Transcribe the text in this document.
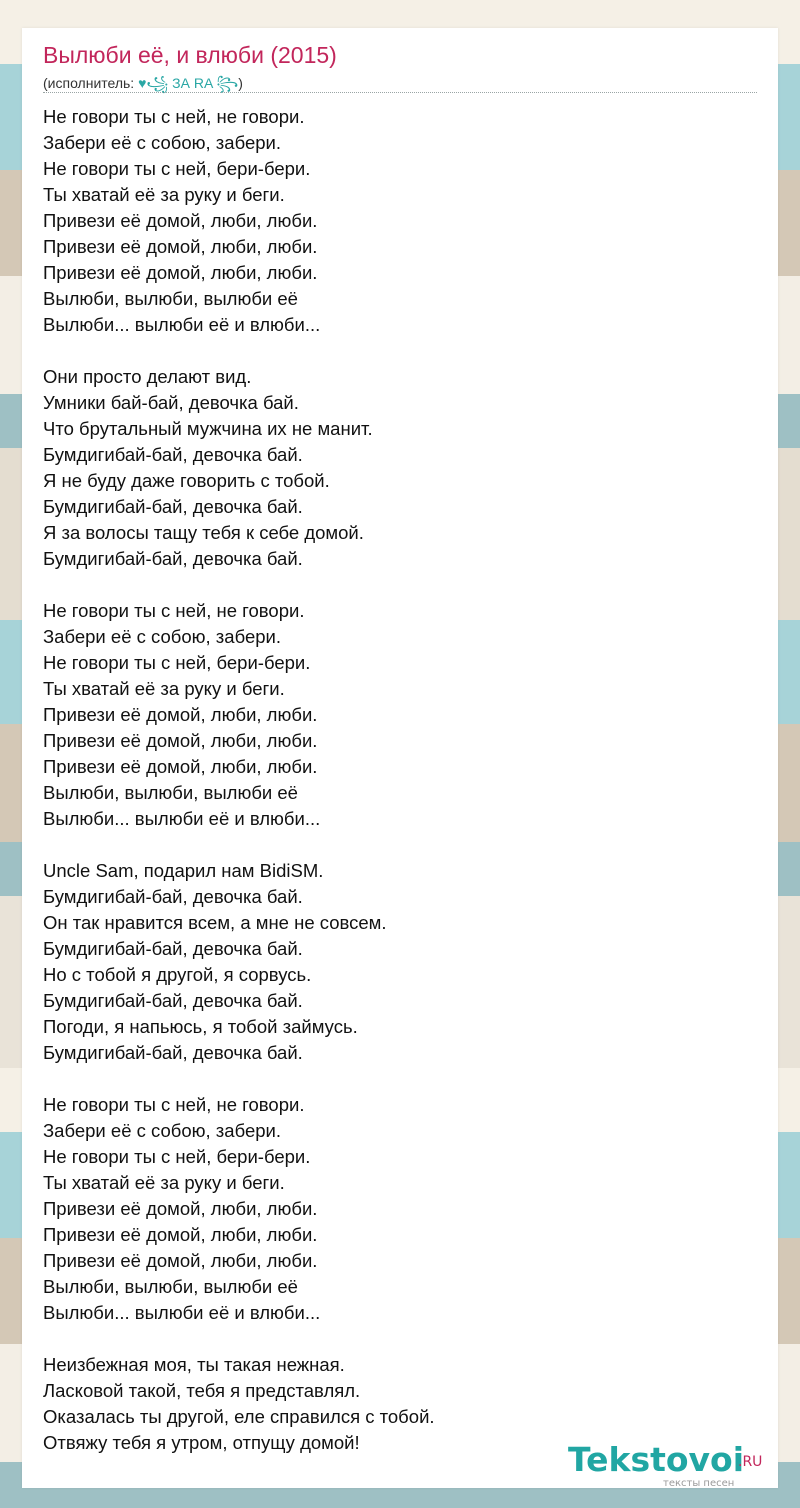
Вылюби её, и влюби (2015)
(исполнитель: ♥꧁ ЗА RA ꧂)
Не говори ты с ней, не говори.
Забери её с собою, забери.
Не говори ты с ней, бери-бери.
Ты хватай её за руку и беги.
Привези её домой, люби, люби.
Привези её домой, люби, люби.
Привези её домой, люби, люби.
Вылюби, вылюби, вылюби её
Вылюби... вылюби её и влюби...
Они просто делают вид.
Умники бай-бай, девочка бай.
Что брутальный мужчина их не манит.
Бумдигибай-бай, девочка бай.
Я не буду даже говорить с тобой.
Бумдигибай-бай, девочка бай.
Я за волосы тащу тебя к себе домой.
Бумдигибай-бай, девочка бай.
Не говори ты с ней, не говори.
Забери её с собою, забери.
Не говори ты с ней, бери-бери.
Ты хватай её за руку и беги.
Привези её домой, люби, люби.
Привези её домой, люби, люби.
Привези её домой, люби, люби.
Вылюби, вылюби, вылюби её
Вылюби... вылюби её и влюби...
Uncle Sam, подарил нам BidiSM.
Бумдигибай-бай, девочка бай.
Он так нравится всем, а мне не совсем.
Бумдигибай-бай, девочка бай.
Но с тобой я другой, я сорвусь.
Бумдигибай-бай, девочка бай.
Погоди, я напьюсь, я тобой займусь.
Бумдигибай-бай, девочка бай.
Не говори ты с ней, не говори.
Забери её с собою, забери.
Не говори ты с ней, бери-бери.
Ты хватай её за руку и беги.
Привези её домой, люби, люби.
Привези её домой, люби, люби.
Привези её домой, люби, люби.
Вылюби, вылюби, вылюби её
Вылюби... вылюби её и влюби...
Неизбежная моя, ты такая нежная.
Ласковой такой, тебя я представлял.
Оказалась ты другой, еле справился с тобой.
Отвяжу тебя я утром, отпущу домой!	Tekstovoi
.RU
тексты песен
